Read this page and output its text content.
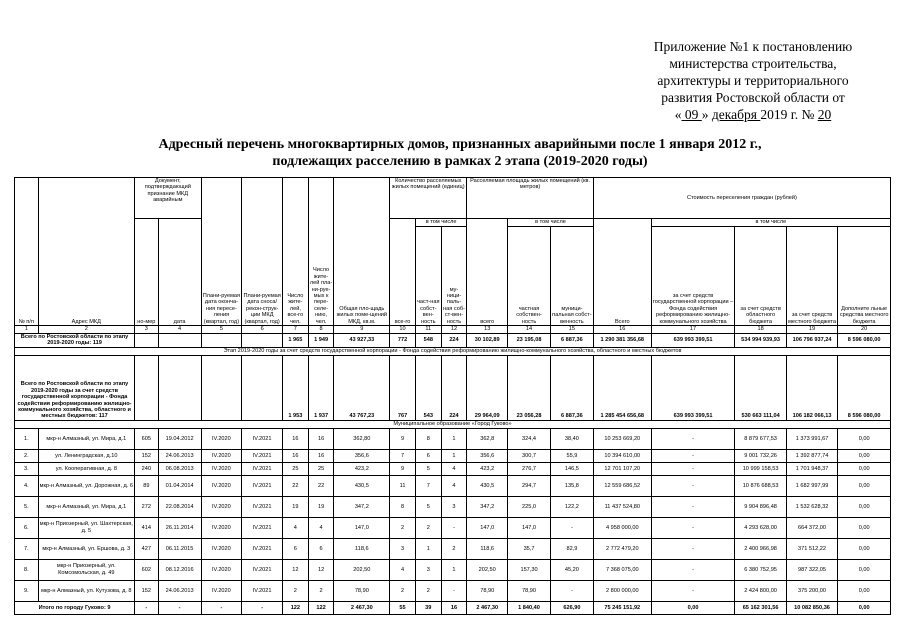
Приложение №1 к постановлению
министерства строительства,
архитектуры и территориального
развития Ростовской области от
« 09 » декабря 2019 г. № 20
Адресный перечень многоквартирных домов, признанных аварийными после 1 января 2012 г.,
подлежащих расселению в рамках 2 этапа (2019-2020 годы)
№ п/п	Адрес МКД	Документ, подтверждающий признание МКД аварийным		Плани-руемая дата оконча-ния пересе-ления (квартал, год)	Плани-руемая дата сноса/ рекон-струк-ции МКД (квартал, год)	Число жите-лей, все-го чел.	Число жите-лей пла-ни-руе-мых к пере-селе-нию, чел.	Общая пло-щадь жилых поме-щений МКД, кв.м.	Количество расселяемых жилых помещений (единиц)			Расселяемая площадь жилых помещений (кв. метров)			Стоимость переселения граждан (рублей)				
		но-мер	дата						все-го	в том числе		всего	в том числе		Всего	в том числе			
										част-ная собст-вен-ность	му-ници-паль-ная соб-ст-вен-ность		частная собствен-ность	муници-пальная собст-венность		за счет средств государственной корпорации – Фонда содействия реформированию жилищно-коммунального хозяйства	за счет средств областного бюджета	за счет средств местного бюджета	Дополните льные средства местного бюджета
1	2	3	4	5	6	7	8	9	10	11	12	13	14	15	16	17	18	19	20
Всего по Ростовской области по этапу 2019-2020 годы: 119						1 965	1 949	43 927,33	772	548	224	30 102,89	23 195,08	6 887,36	1 290 381 356,68	639 993 399,51	534 994 939,93	106 796 937,24	8 596 080,00
Этап 2019-2020 годы за счет средств государственной корпорации - Фонда содействия реформированию жилищно-коммунального хозяйства, областного и местных бюджетов																			
Всего по Ростовской области по этапу 2019-2020 годы за счет средств государственной корпорации - Фонда содействия реформированию жилищно-коммунального хозяйства, областного и местных бюджетов: 117						1 953	1 937	43 767,23	767	543	224	29 964,09	23 056,28	6 887,36	1 285 454 656,68	639 993 399,51	530 663 111,04	106 182 066,13	8 596 080,00
Муниципальное образование «Город Гуково»																			
1.	мкр-н Алмазный, ул. Мира, д.1	605	19.04.2012	IV.2020	IV.2021	16	16	362,80	9	8	1	362,8	324,4	38,40	10 253 669,20	-	8 879 677,53	1 373 991,67	0,00
2.	ул. Ленинградская, д.10	152	24.06.2013	IV.2020	IV.2021	16	16	356,6	7	6	1	356,6	300,7	55,9	10 394 610,00	-	9 001 732,26	1 392 877,74	0,00
3.	ул. Кооперативная, д. 8	240	06.08.2013	IV.2020	IV.2021	25	25	423,2	9	5	4	423,2	276,7	146,5	12 701 107,20	-	10 999 158,53	1 701 948,37	0,00
4.	мкр-н Алмазный, ул. Дорожная, д. 6	89	01.04.2014	IV.2020	IV.2021	22	22	430,5	11	7	4	430,5	294,7	135,8	12 559 686,52	-	10 876 688,53	1 682 997,99	0,00
5.	мкр-н Алмазный, ул. Мира, д.1	272	22.08.2014	IV.2020	IV.2021	19	19	347,2	8	5	3	347,2	225,0	122,2	11 437 524,80	-	9 904 896,48	1 532 628,32	0,00
6.	мкр-н Приозерный, ул. Шахтерская, д. 5	414	26.11.2014	IV.2020	IV.2021	4	4	147,0	2	2	-	147,0	147,0	-	4 958 000,00	-	4 293 628,00	664 372,00	0,00
7.	мкр-н Алмазный, ул. Ершова, д. 3	427	06.11.2015	IV.2020	IV.2021	6	6	118,6	3	1	2	118,6	35,7	82,9	2 772 479,20	-	2 400 966,98	371 512,22	0,00
8.	мкр-н Приозерный, ул. Комсомольская, д. 49	602	08.12.2016	IV.2020	IV.2021	12	12	202,50	4	3	1	202,50	157,30	45,20	7 368 075,00	-	6 380 752,95	987 322,05	0,00
9.	мкр-н Алмазный, ул. Кутузова, д. 8	152	24.06.2013	IV.2020	IV.2021	2	2	78,90	2	2	-	78,90	78,90	-	2 800 000,00	-	2 424 800,00	375 200,00	0,00
Итого по городу Гуково: 9		-	-	-	-	122	122	2 467,30	55	39	16	2 467,30	1 840,40	626,90	75 245 151,92	0,00	65 162 301,56	10 082 850,36	0,00
